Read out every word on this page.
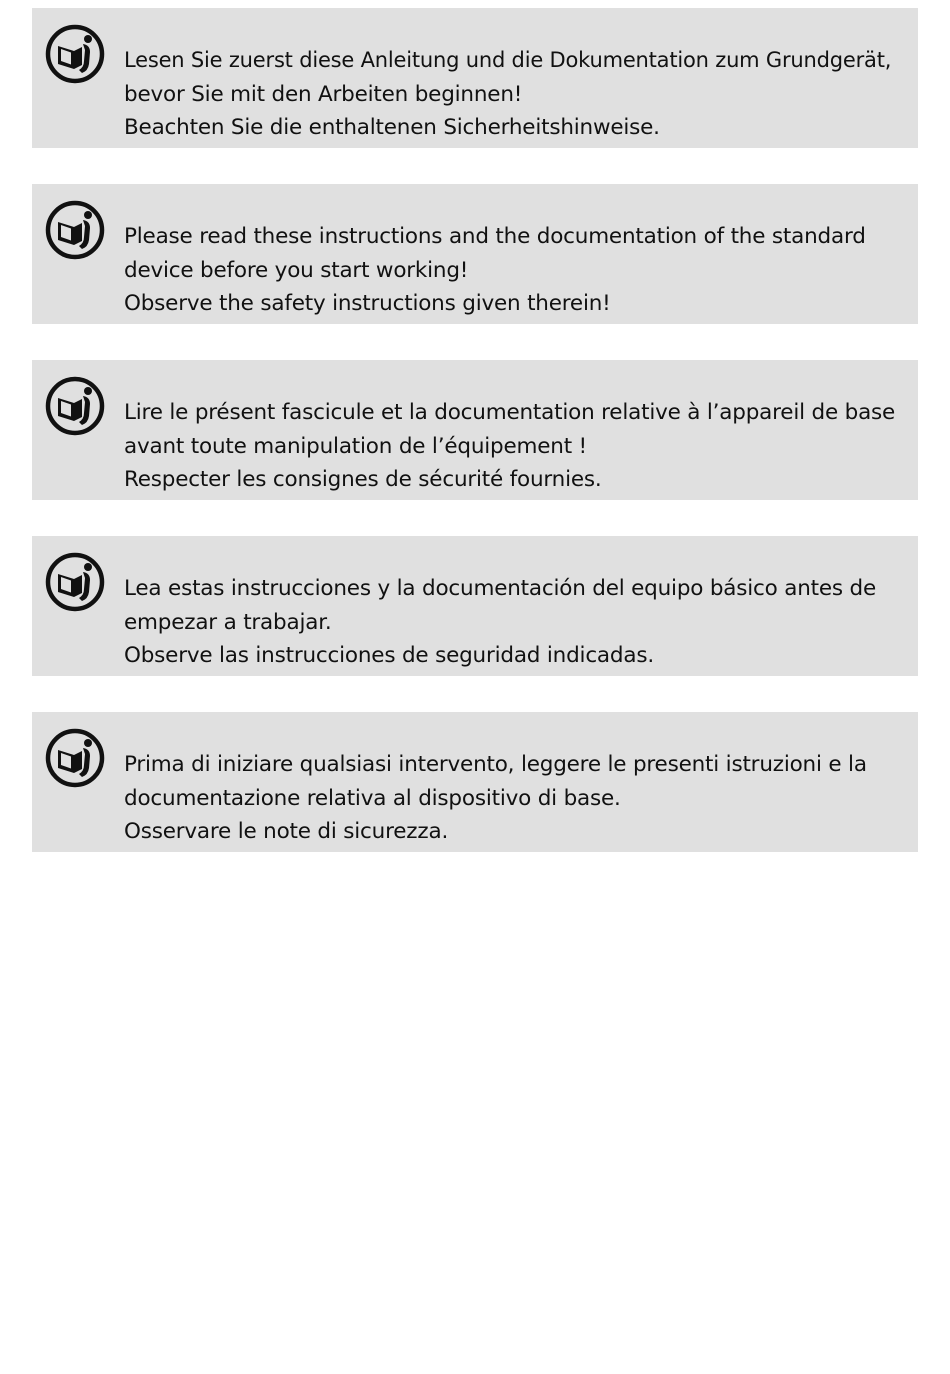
Lesen Sie zuerst diese Anleitung und die Dokumentation zum Grundgerät,
bevor Sie mit den Arbeiten beginnen!
Beachten Sie die enthaltenen Sicherheitshinweise.
Please read these instructions and the documentation of the standard
device before you start working!
Observe the safety instructions given therein!
Lire le présent fascicule et la documentation relative à l’appareil de base
avant toute manipulation de l’équipement !
Respecter les consignes de sécurité fournies.
Lea estas instrucciones y la documentación del equipo básico antes de
empezar a trabajar.
Observe las instrucciones de seguridad indicadas.
Prima di iniziare qualsiasi intervento, leggere le presenti istruzioni e la
documentazione relativa al dispositivo di base.
Osservare le note di sicurezza.
